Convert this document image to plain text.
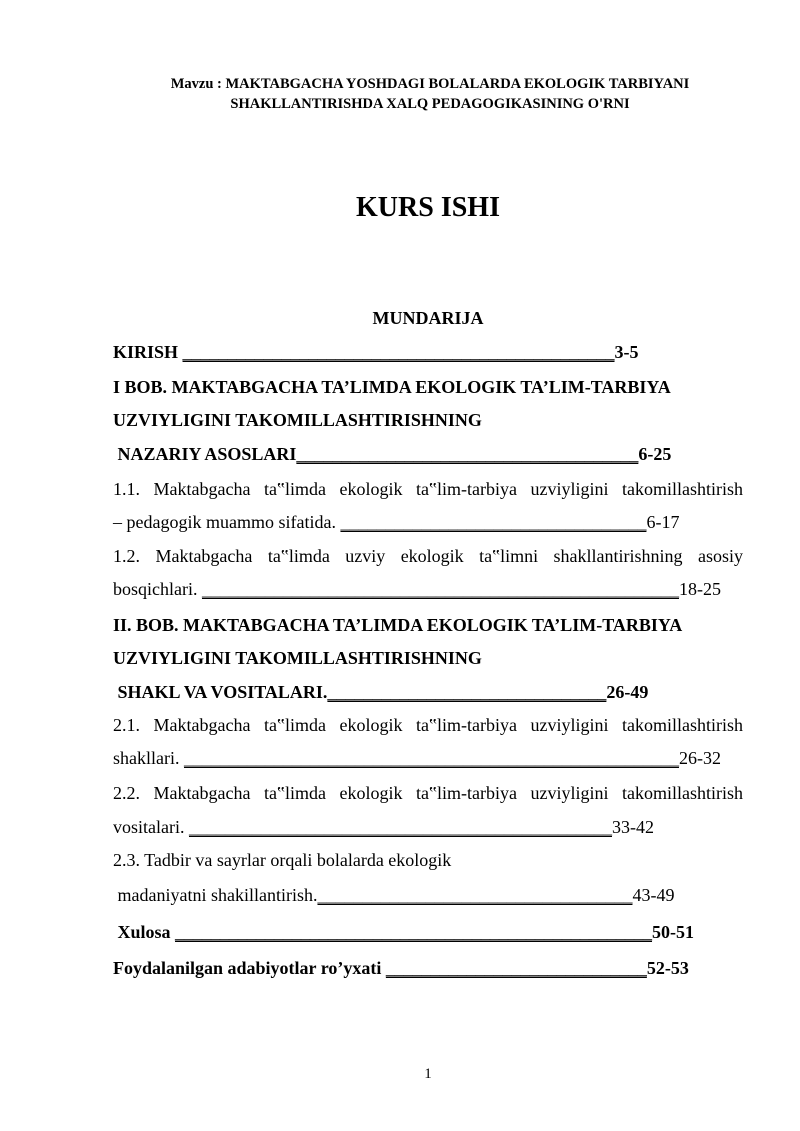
Mavzu : MAKTABGACHA YOSHDAGI BOLALARDA EKOLOGIK TARBIYANI
SHAKLLANTIRISHDA XALQ PEDAGOGIKASINING O'RNI
KURS ISHI
MUNDARIJA
KIRISH ________________________________________________3-5
I BOB. MAKTABGACHA TA’LIMDA EKOLOGIK TA’LIM-TARBIYA
UZVIYLIGINI TAKOMILLASHTIRISHNING
NAZARIY ASOSLARI______________________________________6-25
1.1. Maktabgacha ta‟limda ekologik ta‟lim-tarbiya uzviyligini takomillashtirish
– pedagogik muammo sifatida. __________________________________6-17
1.2. Maktabgacha ta‟limda uzviy ekologik ta‟limni shakllantirishning asosiy
bosqichlari. _____________________________________________________18-25
II. BOB. MAKTABGACHA TA’LIMDA EKOLOGIK TA’LIM-TARBIYA
UZVIYLIGINI TAKOMILLASHTIRISHNING
SHAKL VA VOSITALARI._______________________________26-49
2.1. Maktabgacha ta‟limda ekologik ta‟lim-tarbiya uzviyligini takomillashtirish
shakllari. _______________________________________________________26-32
2.2. Maktabgacha ta‟limda ekologik ta‟lim-tarbiya uzviyligini takomillashtirish
vositalari. _______________________________________________33-42
2.3. Tadbir va sayrlar orqali bolalarda ekologik
madaniyatni shakillantirish.___________________________________43-49
Xulosa _____________________________________________________50-51
Foydalanilgan adabiyotlar ro’yxati _____________________________52-53
1
